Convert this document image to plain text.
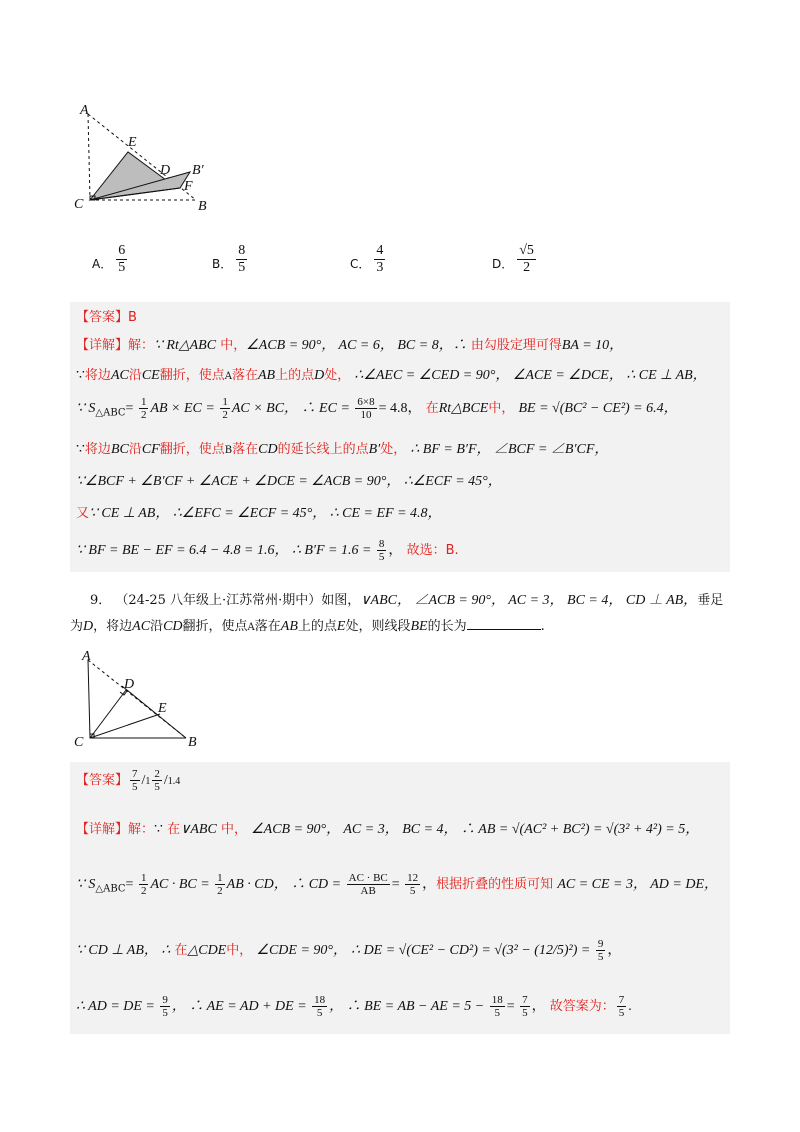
A
E
D B′
F
C	B
A． $\frac{6}{5}$	B． $\frac{8}{5}$	C． $\frac{4}{3}$	D． $\frac{√5}{2}$
【答案】B
【详解】解：∵ Rt△ABC 中，∠ACB = 90°， AC = 6， BC = 8，∴ 由勾股定理可得BA = 10，
∵将边AC沿CE翻折，使点A落在AB上的点D处， ∴∠AEC = ∠CED = 90°， ∠ACE = ∠DCE， ∴ CE ⊥ AB，
∵ $S_{\triangle ABC}= \frac{1}{2}$ AB × EC = $\frac{1}{2}$ AC × BC， ∴ EC = $\frac{6\times 8}{10} = 4.8$， 在Rt△BCE中， BE = √(BC² − CE²) = 6.4，
∵将边BC沿CF翻折，使点B落在CD的延长线上的点B′处， ∴ BF = B′F， ∠BCF = ∠B′CF，
∵∠BCF + ∠B′CF + ∠ACE + ∠DCE = ∠ACB = 90°， ∴∠ECF = 45°，
又∵ CE ⊥ AB， ∴∠EFC = ∠ECF = 45°， ∴ CE = EF = 4.8，
∵ BF = BE − EF = 6.4 − 4.8 = 1.6， ∴ $B'F = 1.6 = \frac{8}{5}$ ， 故选：B.
9． （24-25 八年级上·江苏常州·期中）如图，∨ABC， ∠ACB = 90°， AC = 3， BC = 4， CD ⊥ AB，垂足
为D，将边AC沿CD翻折，使点A落在AB上的点E处，则线段BE的长为	.
A
D
E
C	B
【答案】 $\frac{7}{5} /1 \frac{2}{5} /1.4$
【详解】解：∵ 在∨ABC 中， ∠ACB = 90°， AC = 3， BC = 4， ∴ AB = √(AC² + BC²) = √(3² + 4²) = 5，
∵ $S_{\triangle ABC}= \frac{1}{2}$ AC · BC = $\frac{1}{2}$ AB · CD， ∴ CD = $\frac{AC \cdot BC}{AB} = \frac{12}{5}$ ，根据折叠的性质可知 AC = CE = 3， AD = DE，
∵ CD ⊥ AB， ∴ 在△CDE中， ∠CDE = 90°， ∴ DE = $√(CE^2 - CD^2) = √(3^2 - (12/5)^2) = \frac{9}{5}$ ，
∴ AD = DE = $\frac{9}{5}$ ， ∴ AE = AD + DE = $\frac{18}{5}$ ， ∴ BE = AB − AE = $5 - \frac{18}{5} = \frac{7}{5}$ ， 故答案为： $\frac{7}{5}$ .
